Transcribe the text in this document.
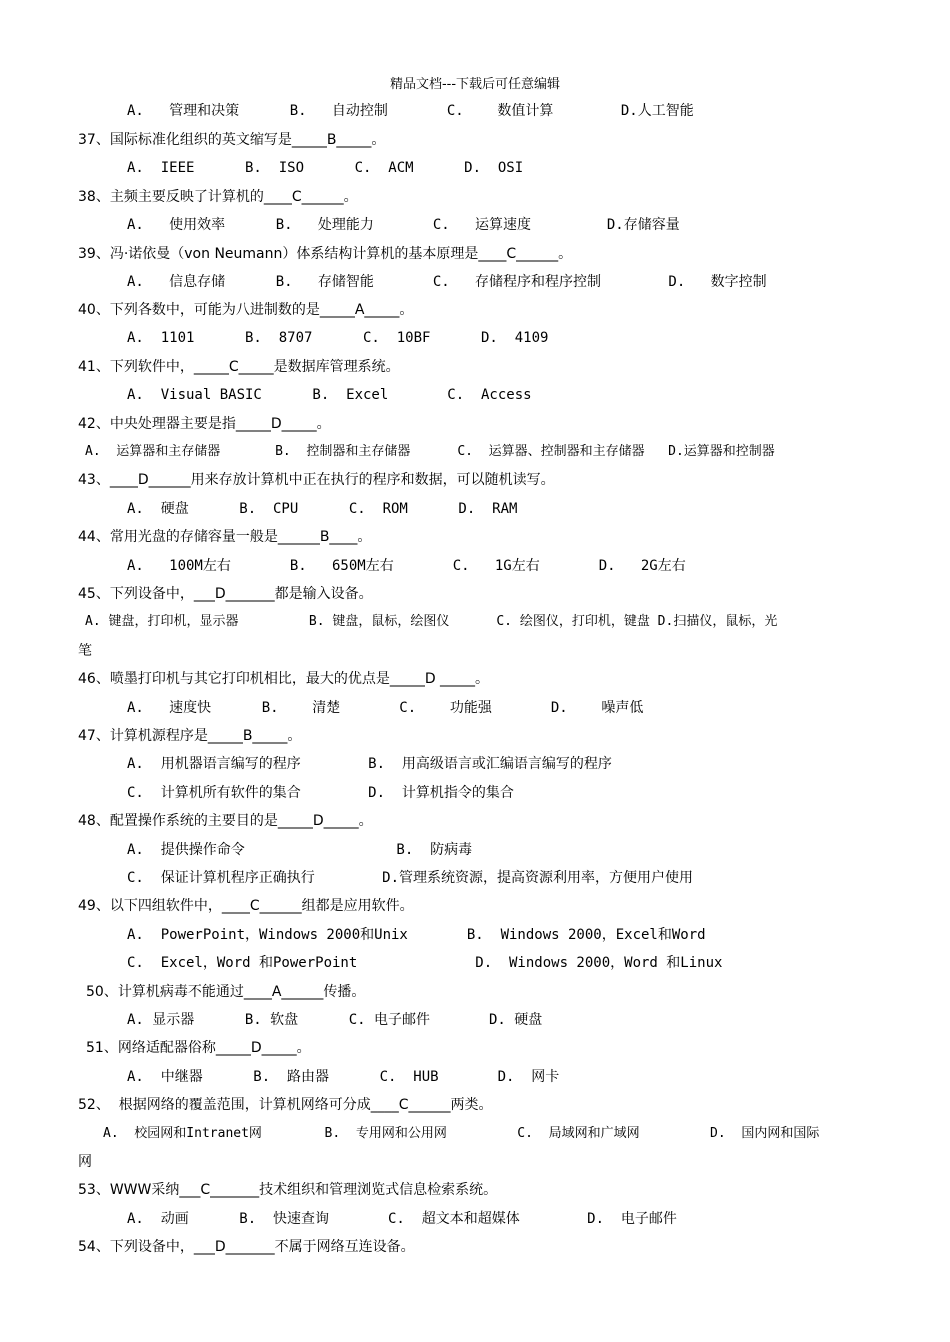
精品文档---下载后可任意编辑
A.   管理和决策      B.   自动控制       C.    数值计算        D.人工智能
37、国际标准化组织的英文缩写是_____B_____。
A.  IEEE      B.  ISO      C.  ACM      D.  OSI
38、主频主要反映了计算机的____C______。
A.   使用效率      B.   处理能力       C.   运算速度         D.存储容量
39、冯·诺依曼（von Neumann）体系结构计算机的基本原理是____C______。
A.   信息存储      B.   存储智能       C.   存储程序和程序控制        D.   数字控制
40、下列各数中，可能为八进制数的是_____A_____。
A.  1101      B.  8707      C.  10BF      D.  4109
41、下列软件中，_____C_____是数据库管理系统。
A.  Visual BASIC      B.  Excel       C.  Access
42、中央处理器主要是指_____D_____。
A.  运算器和主存储器       B.  控制器和主存储器      C.  运算器、控制器和主存储器   D.运算器和控制器
43、____D______用来存放计算机中正在执行的程序和数据，可以随机读写。
A.  硬盘      B.  CPU      C.  ROM      D.  RAM
44、常用光盘的存储容量一般是______B____。
A.   100M左右       B.   650M左右       C.   1G左右       D.   2G左右
45、下列设备中，___D_______都是输入设备。
A. 键盘，打印机，显示器         B. 键盘，鼠标，绘图仪      C. 绘图仪，打印机，键盘 D.扫描仪，鼠标，光
笔
46、喷墨打印机与其它打印机相比，最大的优点是_____D _____。
A.   速度快      B.    清楚       C.    功能强       D.    噪声低
47、计算机源程序是_____B_____。
A.  用机器语言编写的程序        B.  用高级语言或汇编语言编写的程序
C.  计算机所有软件的集合        D.  计算机指令的集合
48、配置操作系统的主要目的是_____D_____。
A.  提供操作命令                  B.  防病毒
C.  保证计算机程序正确执行        D.管理系统资源，提高资源利用率，方便用户使用
49、以下四组软件中，____C______组都是应用软件。
A.  PowerPoint，Windows 2000和Unix       B.  Windows 2000，Excel和Word
C.  Excel，Word 和PowerPoint              D.  Windows 2000，Word 和Linux
50、计算机病毒不能通过____A______传播。
A. 显示器      B. 软盘      C. 电子邮件       D. 硬盘
51、网络适配器俗称_____D_____。
A.  中继器      B.  路由器      C.  HUB       D.  网卡
52、  根据网络的覆盖范围，计算机网络可分成____C______两类。
A.  校园网和Intranet网        B.  专用网和公用网         C.  局域网和广域网         D.  国内网和国际
网
53、WWW采纳___C_______技术组织和管理浏览式信息检索系统。
A.  动画      B.  快速查询       C.  超文本和超媒体        D.  电子邮件
54、下列设备中，___D_______不属于网络互连设备。
